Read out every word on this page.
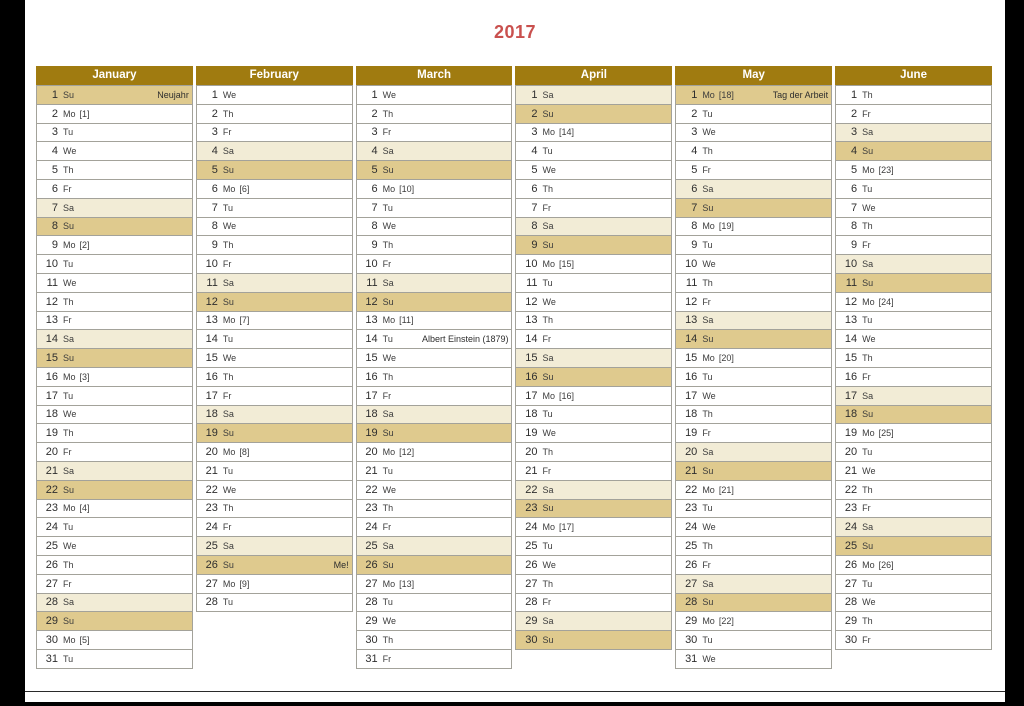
2017
January
1 Su	Neujahr
2 Mo [1]
3 Tu
4 We
5 Th
6 Fr
7 Sa
8 Su
9 Mo [2]
10 Tu
11 We
12 Th
13 Fr
14 Sa
15 Su
16 Mo [3]
17 Tu
18 We
19 Th
20 Fr
21 Sa
22 Su
23 Mo [4]
24 Tu
25 We
26 Th
27 Fr
28 Sa
29 Su
30 Mo [5]
31 Tu
February
1 We
2 Th
3 Fr
4 Sa
5 Su
6 Mo [6]
7 Tu
8 We
9 Th
10 Fr
11 Sa
12 Su
13 Mo [7]
14 Tu
15 We
16 Th
17 Fr
18 Sa
19 Su
20 Mo [8]
21 Tu
22 We
23 Th
24 Fr
25 Sa
26 Su	Me!
27 Mo [9]
28 Tu
March
1 We
2 Th
3 Fr
4 Sa
5 Su
6 Mo [10]
7 Tu
8 We
9 Th
10 Fr
11 Sa
12 Su
13 Mo [11]
14 Tu	Albert Einstein (1879)
15 We
16 Th
17 Fr
18 Sa
19 Su
20 Mo [12]
21 Tu
22 We
23 Th
24 Fr
25 Sa
26 Su
27 Mo [13]
28 Tu
29 We
30 Th
31 Fr
April
1 Sa
2 Su
3 Mo [14]
4 Tu
5 We
6 Th
7 Fr
8 Sa
9 Su
10 Mo [15]
11 Tu
12 We
13 Th
14 Fr
15 Sa
16 Su
17 Mo [16]
18 Tu
19 We
20 Th
21 Fr
22 Sa
23 Su
24 Mo [17]
25 Tu
26 We
27 Th
28 Fr
29 Sa
30 Su
May
1 Mo [18]	Tag der Arbeit
2 Tu
3 We
4 Th
5 Fr
6 Sa
7 Su
8 Mo [19]
9 Tu
10 We
11 Th
12 Fr
13 Sa
14 Su
15 Mo [20]
16 Tu
17 We
18 Th
19 Fr
20 Sa
21 Su
22 Mo [21]
23 Tu
24 We
25 Th
26 Fr
27 Sa
28 Su
29 Mo [22]
30 Tu
31 We
June
1 Th
2 Fr
3 Sa
4 Su
5 Mo [23]
6 Tu
7 We
8 Th
9 Fr
10 Sa
11 Su
12 Mo [24]
13 Tu
14 We
15 Th
16 Fr
17 Sa
18 Su
19 Mo [25]
20 Tu
21 We
22 Th
23 Fr
24 Sa
25 Su
26 Mo [26]
27 Tu
28 We
29 Th
30 Fr
